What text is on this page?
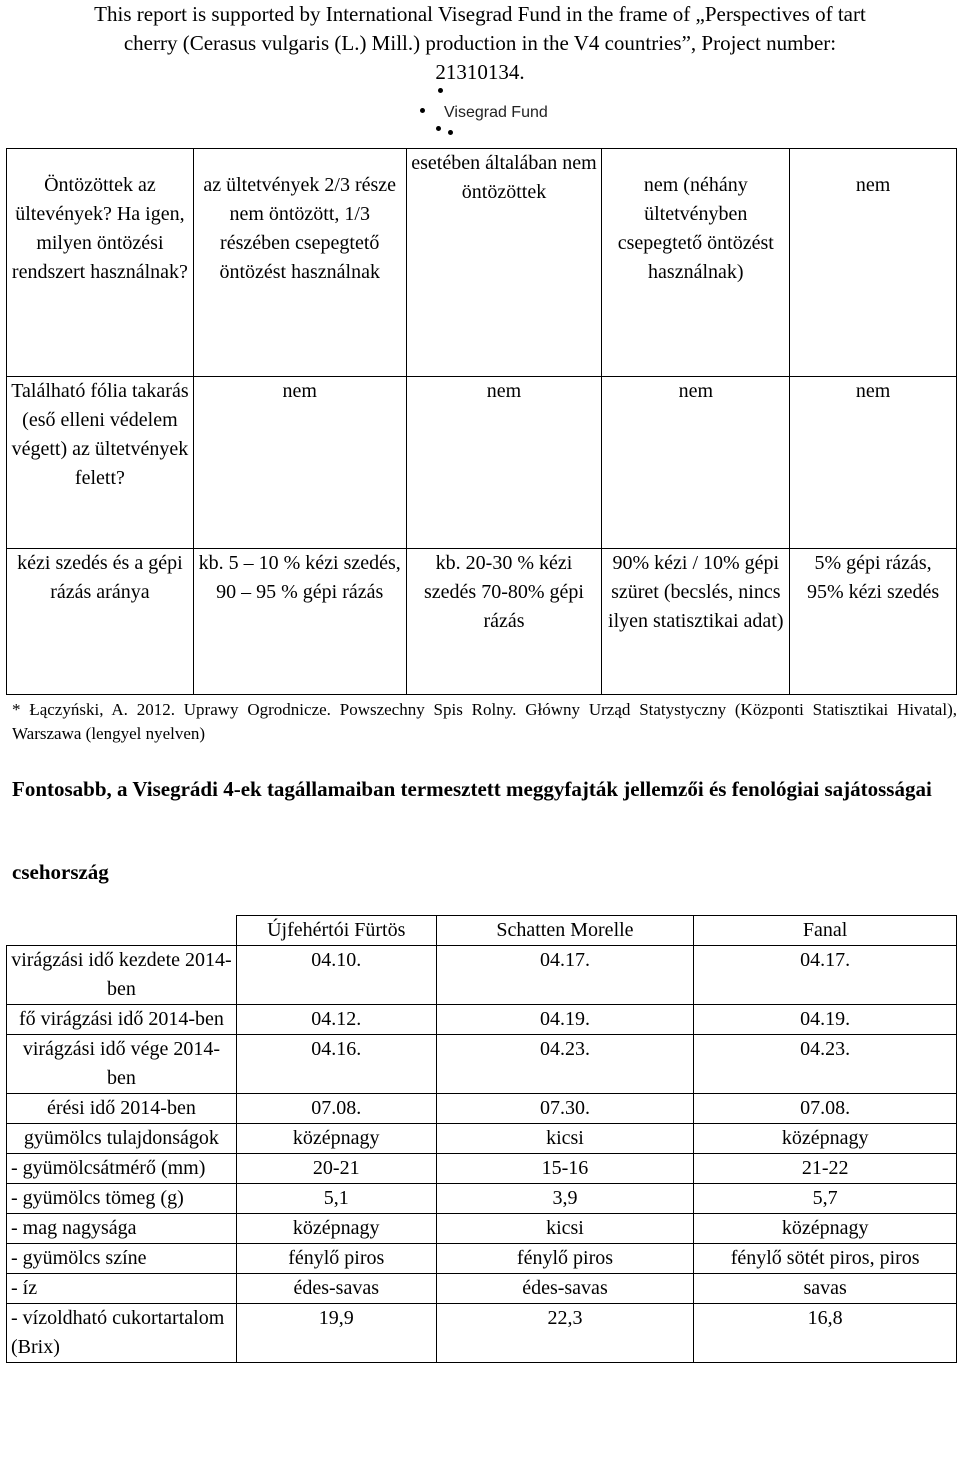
This report is supported by International Visegrad Fund in the frame of „Perspectives of tart
cherry (Cerasus vulgaris (L.) Mill.) production in the V4 countries”, Project number:
21310134.
Visegrad Fund
Öntözöttek az ültevények? Ha igen, milyen öntözési rendszert használnak?	az ültetvények 2/3 része nem öntözött, 1/3 részében csepegtető öntözést használnak	esetében általában nem öntözöttek	nem (néhány ültetvényben csepegtető öntözést használnak)	nem
Található fólia takarás (eső elleni védelem végett) az ültetvények felett?	nem	nem	nem	nem
kézi szedés és a gépi rázás aránya	kb. 5 – 10 % kézi szedés, 90 – 95 % gépi rázás	kb. 20-30 % kézi szedés 70-80% gépi rázás	90% kézi / 10% gépi szüret (becslés, nincs ilyen statisztikai adat)	5% gépi rázás, 95% kézi szedés
* Łączyński, A. 2012. Uprawy Ogrodnicze. Powszechny Spis Rolny. Główny Urząd Statystyczny (Központi Statisztikai Hivatal), Warszawa (lengyel nyelven)
Fontosabb, a Visegrádi 4-ek tagállamaiban termesztett meggyfajták jellemzői és fenológiai sajátosságai
csehország
	Újfehértói Fürtös	Schatten Morelle	Fanal
virágzási idő kezdete 2014-ben	04.10.	04.17.	04.17.
fő virágzási idő 2014-ben	04.12.	04.19.	04.19.
virágzási idő vége 2014-ben	04.16.	04.23.	04.23.
érési idő 2014-ben	07.08.	07.30.	07.08.
gyümölcs tulajdonságok	középnagy	kicsi	középnagy
- gyümölcsátmérő (mm)	20-21	15-16	21-22
- gyümölcs tömeg (g)	5,1	3,9	5,7
- mag nagysága	középnagy	kicsi	középnagy
- gyümölcs színe	fénylő piros	fénylő piros	fénylő sötét piros, piros
- íz	édes-savas	édes-savas	savas
- vízoldható cukortartalom (Brix)	19,9	22,3	16,8
